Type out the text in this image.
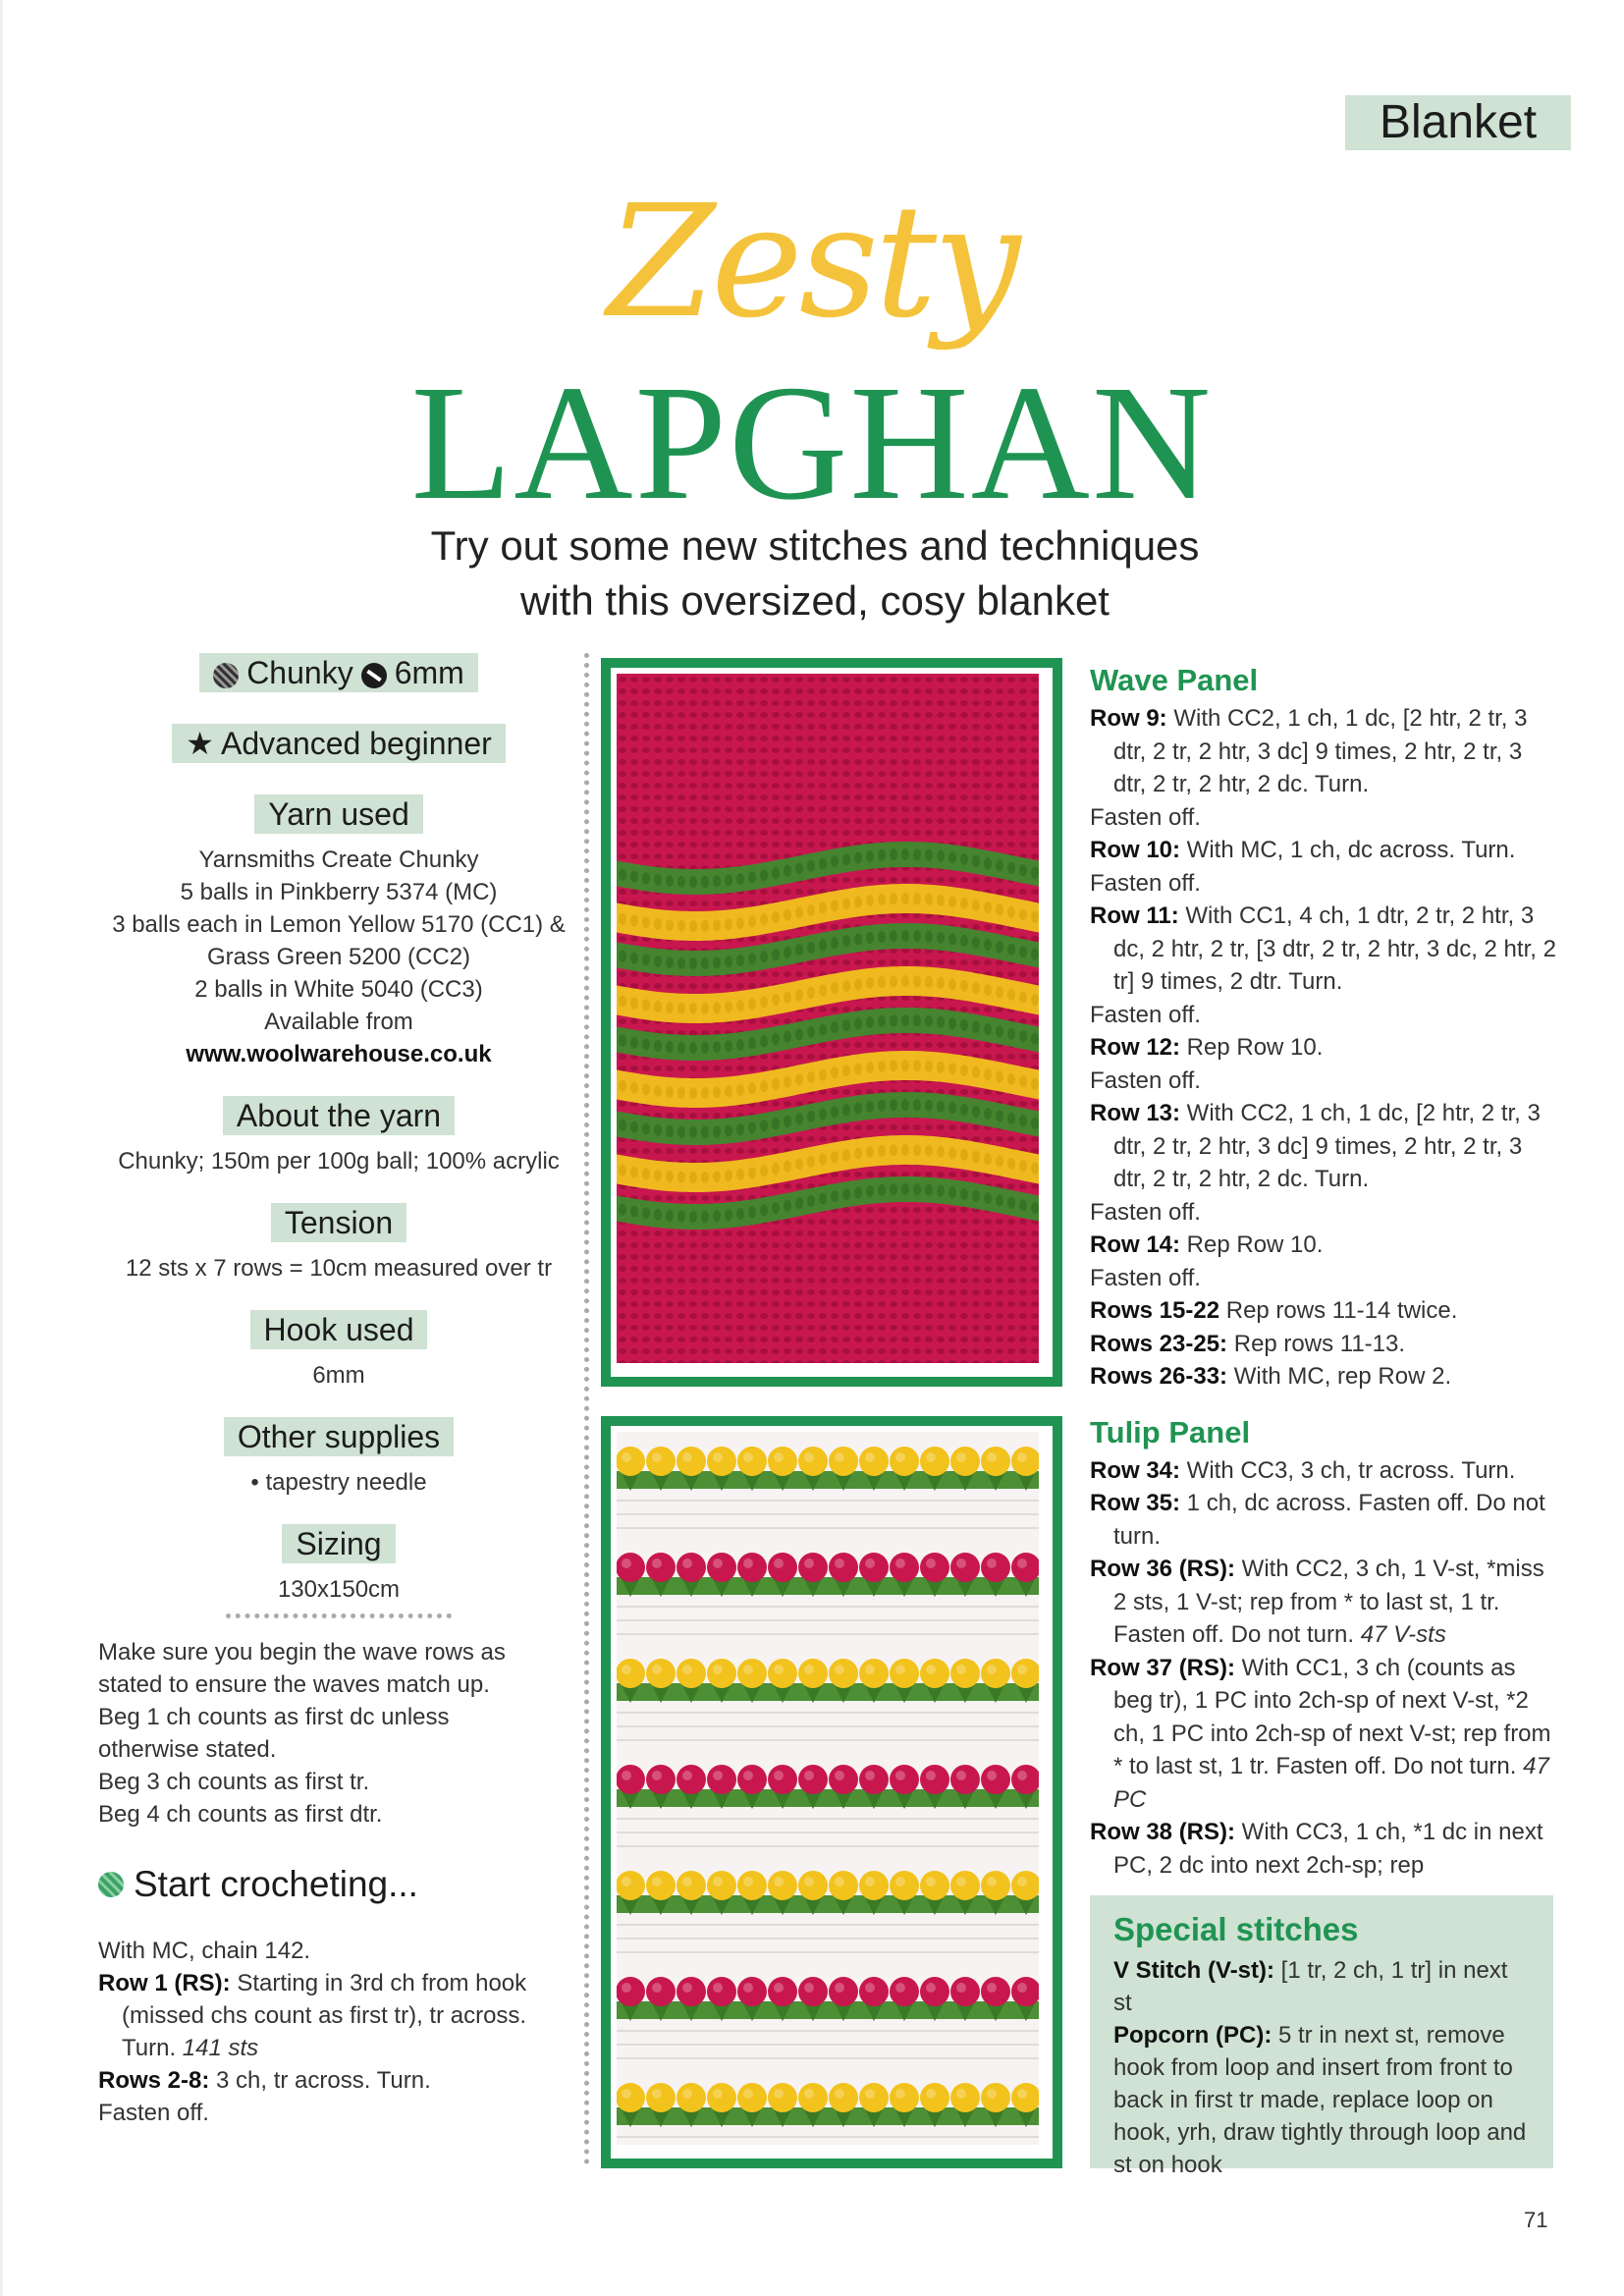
Blanket
Zesty
LAPGHAN
Try out some new stitches and techniques
with this oversized, cosy blanket
Chunky 6mm
★ Advanced beginner
Yarn used
Yarnsmiths Create Chunky
5 balls in Pinkberry 5374 (MC)
3 balls each in Lemon Yellow 5170 (CC1) &
Grass Green 5200 (CC2)
2 balls in White 5040 (CC3)
Available from
www.woolwarehouse.co.uk
About the yarn
Chunky; 150m per 100g ball; 100% acrylic
Tension
12 sts x 7 rows = 10cm measured over tr
Hook used
6mm
Other supplies
• tapestry needle
Sizing
130x150cm
Make sure you begin the wave rows as
stated to ensure the waves match up.
Beg 1 ch counts as first dc unless
otherwise stated.
Beg 3 ch counts as first tr.
Beg 4 ch counts as first dtr.
Start crocheting...
With MC, chain 142.
Row 1 (RS): Starting in 3rd ch from hook (missed chs count as first tr), tr across. Turn. 141 sts
Rows 2-8: 3 ch, tr across. Turn.
Fasten off.
Wave Panel
Row 9: With CC2, 1 ch, 1 dc, [2 htr, 2 tr, 3 dtr, 2 tr, 2 htr, 3 dc] 9 times, 2 htr, 2 tr, 3 dtr, 2 tr, 2 htr, 2 dc. Turn.
Fasten off.
Row 10: With MC, 1 ch, dc across. Turn.
Fasten off.
Row 11: With CC1, 4 ch, 1 dtr, 2 tr, 2 htr, 3 dc, 2 htr, 2 tr, [3 dtr, 2 tr, 2 htr, 3 dc, 2 htr, 2 tr] 9 times, 2 dtr. Turn.
Fasten off.
Row 12: Rep Row 10.
Fasten off.
Row 13: With CC2, 1 ch, 1 dc, [2 htr, 2 tr, 3 dtr, 2 tr, 2 htr, 3 dc] 9 times, 2 htr, 2 tr, 3 dtr, 2 tr, 2 htr, 2 dc. Turn.
Fasten off.
Row 14: Rep Row 10.
Fasten off.
Rows 15-22 Rep rows 11-14 twice.
Rows 23-25: Rep rows 11-13.
Rows 26-33: With MC, rep Row 2.
Tulip Panel
Row 34: With CC3, 3 ch, tr across. Turn.
Row 35: 1 ch, dc across. Fasten off. Do not turn.
Row 36 (RS): With CC2, 3 ch, 1 V-st, *miss 2 sts, 1 V-st; rep from * to last st, 1 tr. Fasten off. Do not turn. 47 V-sts
Row 37 (RS): With CC1, 3 ch (counts as beg tr), 1 PC into 2ch-sp of next V-st, *2 ch, 1 PC into 2ch-sp of next V-st; rep from * to last st, 1 tr. Fasten off. Do not turn. 47 PC
Row 38 (RS): With CC3, 1 ch, *1 dc in next PC, 2 dc into next 2ch-sp; rep
Special stitches
V Stitch (V-st): [1 tr, 2 ch, 1 tr] in next st
Popcorn (PC): 5 tr in next st, remove hook from loop and insert from front to back in first tr made, replace loop on hook, yrh, draw tightly through loop and st on hook
71
